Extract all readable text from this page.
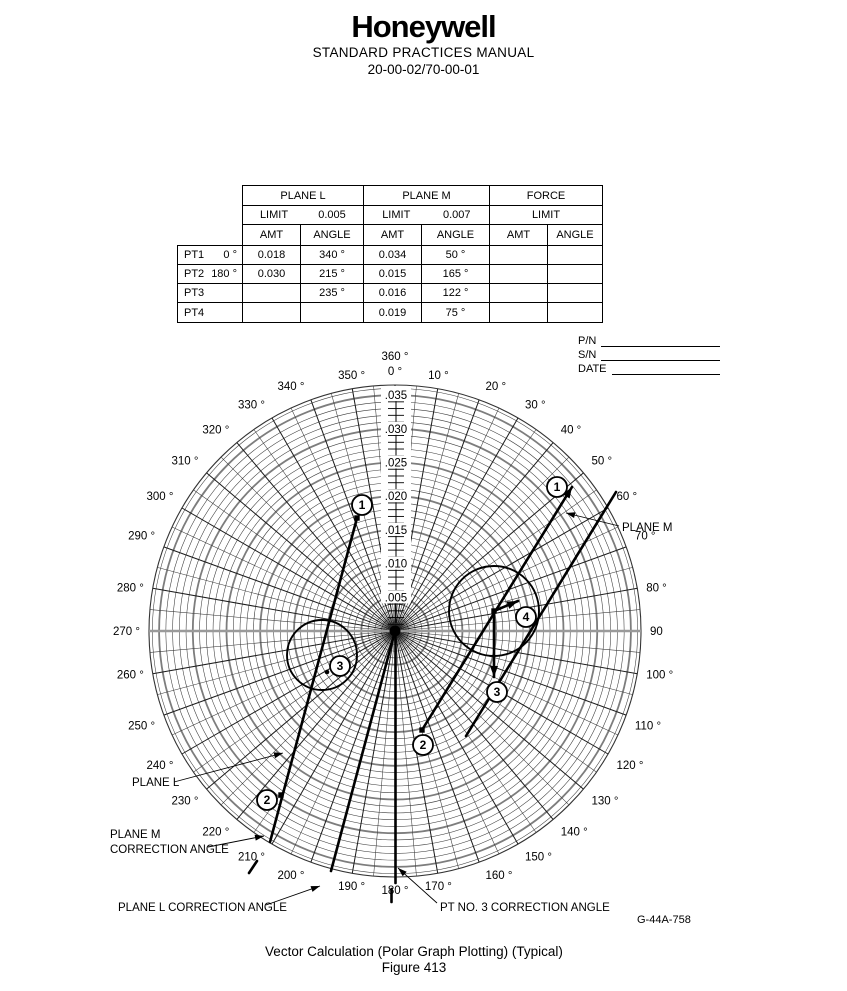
Honeywell
STANDARD PRACTICES MANUAL
20-00-02/70-00-01
	PLANE L		PLANE M		FORCE	

	LIMIT 0.005		LIMIT 0.007		LIMIT	
	AMT	ANGLE	AMT	ANGLE	AMT	ANGLE

PT1 0 °	0.018	340 °	0.034	50 °		

PT2 180 °	0.030	215 °	0.015	165 °		

PT3		235 °	0.016	122 °		

PT4			0.019	75 °		
P/N
S/N
DATE
.005
.010
.015
.020
.025
.030
.035
360 °
0 ° 10 °
20 °
30 °
40 °
50 °
60 °
70 °
80 °
90
100 °
110 °
120 °
130 °
140 °
150 °
160 °
170 °
180 °
190 °
200 °
210 °
220 °
230 °
240 °
250 °
260 °
270 °
280 °
290 °
300 °
310 °
320 °
330 °
340 °
350 °
1
2
3
1
2
3
4
PLANE M
PLANE L
PLANE M
CORRECTION ANGLE
PLANE L CORRECTION ANGLE	PT NO. 3 CORRECTION ANGLE
G-44A-758
Vector Calculation (Polar Graph Plotting) (Typical)
Figure 413
